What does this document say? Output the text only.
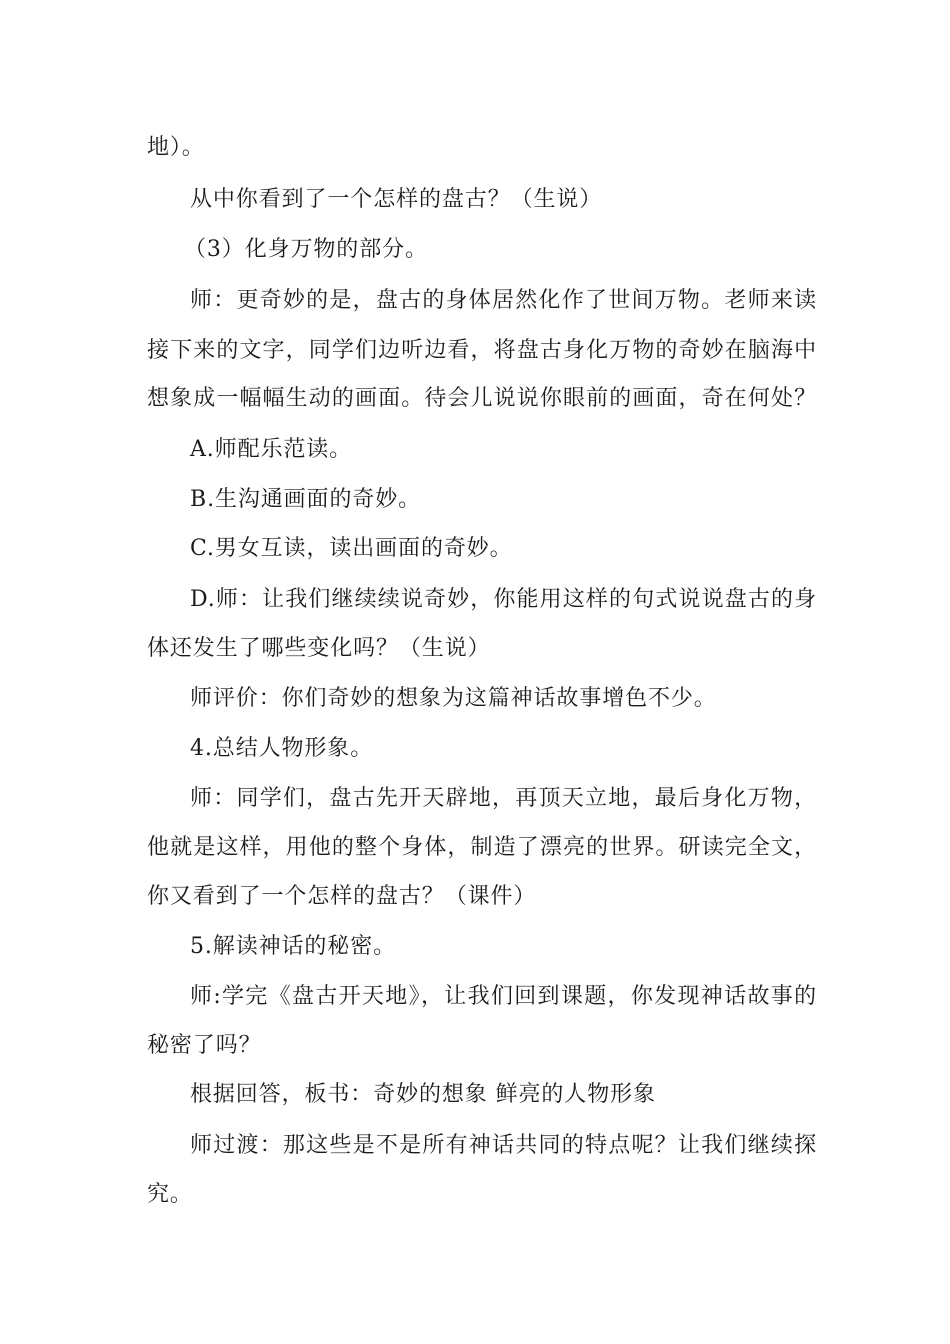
地）。
从中你看到了一个怎样的盘古？（生说）
（3）化身万物的部分。
师：更奇妙的是，盘古的身体居然化作了世间万物。老师来读
接下来的文字，同学们边听边看，将盘古身化万物的奇妙在脑海中
想象成一幅幅生动的画面。待会儿说说你眼前的画面，奇在何处？
A.师配乐范读。
B.生沟通画面的奇妙。
C.男女互读，读出画面的奇妙。
D.师：让我们继续续说奇妙，你能用这样的句式说说盘古的身
体还发生了哪些变化吗？（生说）
师评价：你们奇妙的想象为这篇神话故事增色不少。
4.总结人物形象。
师：同学们，盘古先开天辟地，再顶天立地，最后身化万物，
他就是这样，用他的整个身体，制造了漂亮的世界。研读完全文，
你又看到了一个怎样的盘古？（课件）
5.解读神话的秘密。
师:学完《盘古开天地》，让我们回到课题，你发现神话故事的
秘密了吗？
根据回答，板书：奇妙的想象 鲜亮的人物形象
师过渡：那这些是不是所有神话共同的特点呢？让我们继续探
究。
